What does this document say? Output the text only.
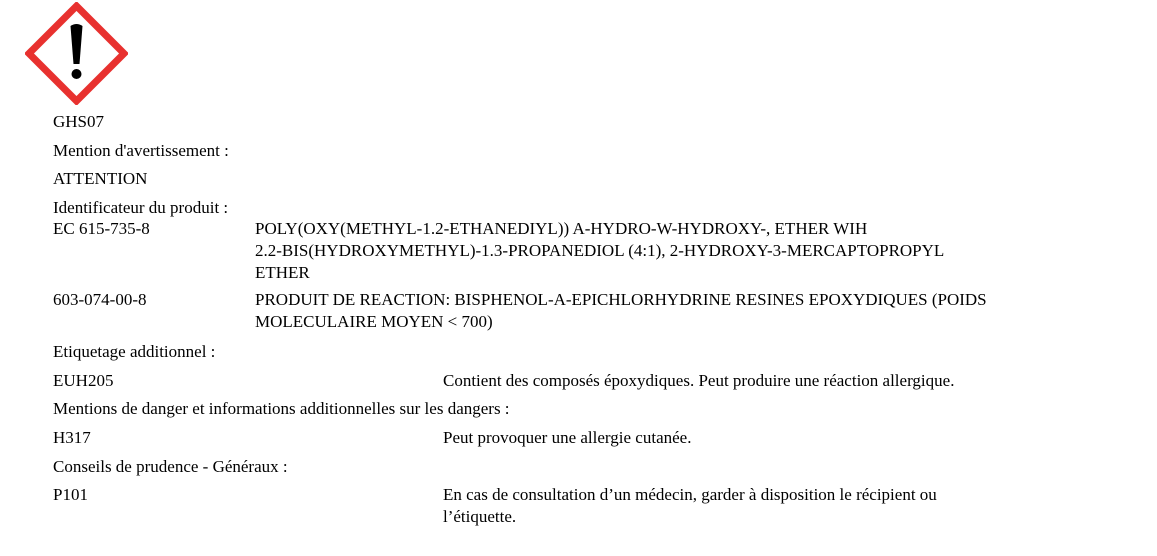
GHS07
Mention d'avertissement :
ATTENTION
Identificateur du produit :
EC 615-735-8	POLY(OXY(METHYL-1.2-ETHANEDIYL)) A-HYDRO-W-HYDROXY-, ETHER WIH
2.2-BIS(HYDROXYMETHYL)-1.3-PROPANEDIOL (4:1), 2-HYDROXY-3-MERCAPTOPROPYL
ETHER
603-074-00-8	PRODUIT DE REACTION: BISPHENOL-A-EPICHLORHYDRINE RESINES EPOXYDIQUES (POIDS
MOLECULAIRE MOYEN < 700)
Etiquetage additionnel :
EUH205	Contient des composés époxydiques. Peut produire une réaction allergique.
Mentions de danger et informations additionnelles sur les dangers :
H317	Peut provoquer une allergie cutanée.
Conseils de prudence - Généraux :
P101	En cas de consultation d’un médecin, garder à disposition le récipient ou
l’étiquette.
